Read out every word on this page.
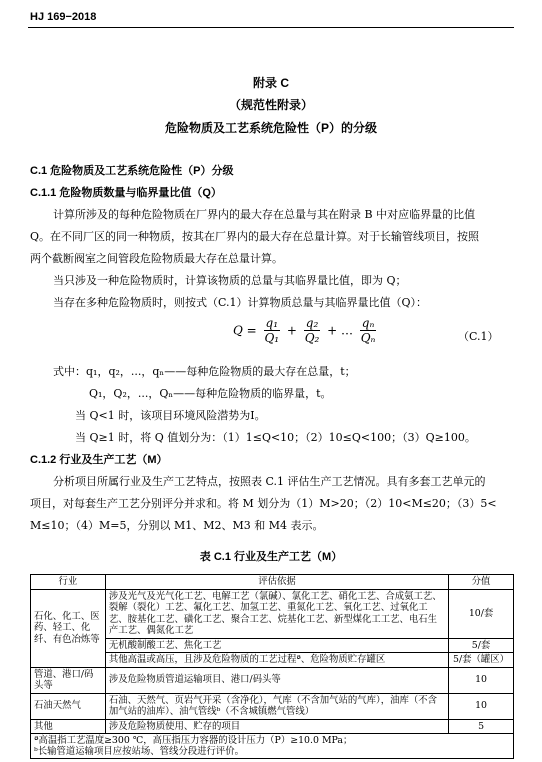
HJ 169−2018
附录 C
（规范性附录）
危险物质及工艺系统危险性（P）的分级
C.1 危险物质及工艺系统危险性（P）分级
C.1.1 危险物质数量与临界量比值（Q）
计算所涉及的每种危险物质在厂界内的最大存在总量与其在附录 B 中对应临界量的比值
Q。在不同厂区的同一种物质，按其在厂界内的最大存在总量计算。对于长输管线项目，按照
两个截断阀室之间管段危险物质最大存在总量计算。
当只涉及一种危险物质时，计算该物质的总量与其临界量比值，即为 Q；
当存在多种危险物质时，则按式（C.1）计算物质总量与其临界量比值（Q）：
$Q = \frac{\text{q₁}}{\text{Q₁}} + \frac{\text{q₂}}{\text{Q₂}}$ + … $\frac{\text{qₙ}}{\text{Qₙ}}$	（C.1）
式中：q₁，q₂，...，qₙ——每种危险物质的最大存在总量，t；
Q₁，Q₂，...，Qₙ——每种危险物质的临界量，t。
当 Q<1 时，该项目环境风险潜势为Ⅰ。
当 Q≥1 时，将 Q 值划分为：（1）1≤Q<10；（2）10≤Q<100；（3）Q≥100。
C.1.2 行业及生产工艺（M）
分析项目所属行业及生产工艺特点，按照表 C.1 评估生产工艺情况。具有多套工艺单元的
项目，对每套生产工艺分别评分并求和。将 M 划分为（1）M>20；（2）10<M≤20；（3）5<
M≤10；（4）M=5，分别以 M1、M2、M3 和 M4 表示。
表 C.1 行业及生产工艺（M）
行业	评估依据	分值
石化、化工、医药、轻工、化纤、有色冶炼等	涉及光气及光气化工艺、电解工艺（氯碱）、氯化工艺、硝化工艺、合成氨工艺、裂解（裂化）工艺、氟化工艺、加氢工艺、重氮化工艺、氧化工艺、过氧化工艺、胺基化工艺、磺化工艺、聚合工艺、烷基化工艺、新型煤化工工艺、电石生产工艺、偶氮化工艺	10/套
	无机酸制酸工艺、焦化工艺	5/套
	其他高温或高压，且涉及危险物质的工艺过程ª、危险物质贮存罐区	5/套（罐区）
管道、港口/码头等	涉及危险物质管道运输项目、港口/码头等	10
石油天然气	石油、天然气、页岩气开采（含净化），气库（不含加气站的气库），油库（不含加气站的油库）、油气管线ᵇ（不含城镇燃气管线）	10
其他	涉及危险物质使用、贮存的项目	5
ª高温指工艺温度≥300 ℃，高压指压力容器的设计压力（P）≥10.0 MPa；
ᵇ长输管道运输项目应按站场、管线分段进行评价。		
